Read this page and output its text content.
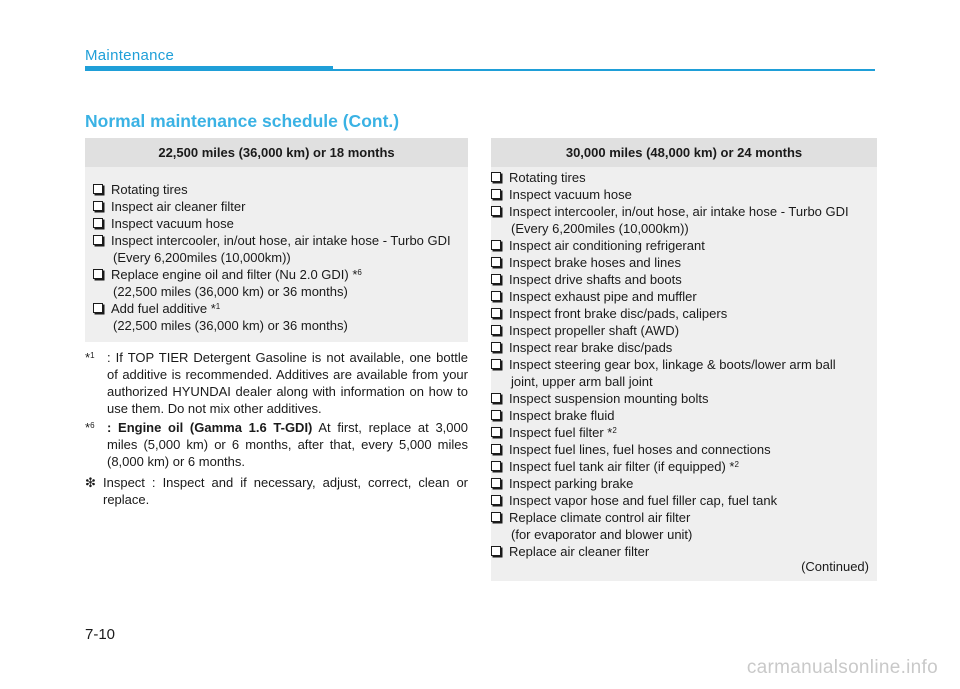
Maintenance
Normal maintenance schedule (Cont.)
22,500 miles (36,000 km) or 18 months
Rotating tires
Inspect air cleaner filter
Inspect vacuum hose
Inspect intercooler, in/out hose, air intake hose - Turbo GDI
(Every 6,200miles (10,000km))
Replace engine oil and filter (Nu 2.0 GDI) *$^6$
(22,500 miles (36,000 km) or 36 months)
Add fuel additive *$^1$
(22,500 miles (36,000 km) or 36 months)
*$^1$ : If TOP TIER Detergent Gasoline is not available, one bottle of additive is recommended. Additives are available from your authorized HYUNDAI dealer along with information on how to use them. Do not mix other additives.
*$^6$ : Engine oil (Gamma 1.6 T-GDI) At first, replace at 3,000 miles (5,000 km) or 6 months, after that, every 5,000 miles (8,000 km) or 6 months.
❇ Inspect : Inspect and if necessary, adjust, correct, clean or replace.
30,000 miles (48,000 km) or 24 months
Rotating tires
Inspect vacuum hose
Inspect intercooler, in/out hose, air intake hose - Turbo GDI
(Every 6,200miles (10,000km))
Inspect air conditioning refrigerant
Inspect brake hoses and lines
Inspect drive shafts and boots
Inspect exhaust pipe and muffler
Inspect front brake disc/pads, calipers
Inspect propeller shaft (AWD)
Inspect rear brake disc/pads
Inspect steering gear box, linkage & boots/lower arm ball
joint, upper arm ball joint
Inspect suspension mounting bolts
Inspect brake fluid
Inspect fuel filter *$^2$
Inspect fuel lines, fuel hoses and connections
Inspect fuel tank air filter (if equipped) *$^2$
Inspect parking brake
Inspect vapor hose and fuel filler cap, fuel tank
Replace climate control air filter
(for evaporator and blower unit)
Replace air cleaner filter
(Continued)
7-10
carmanualsonline.info
